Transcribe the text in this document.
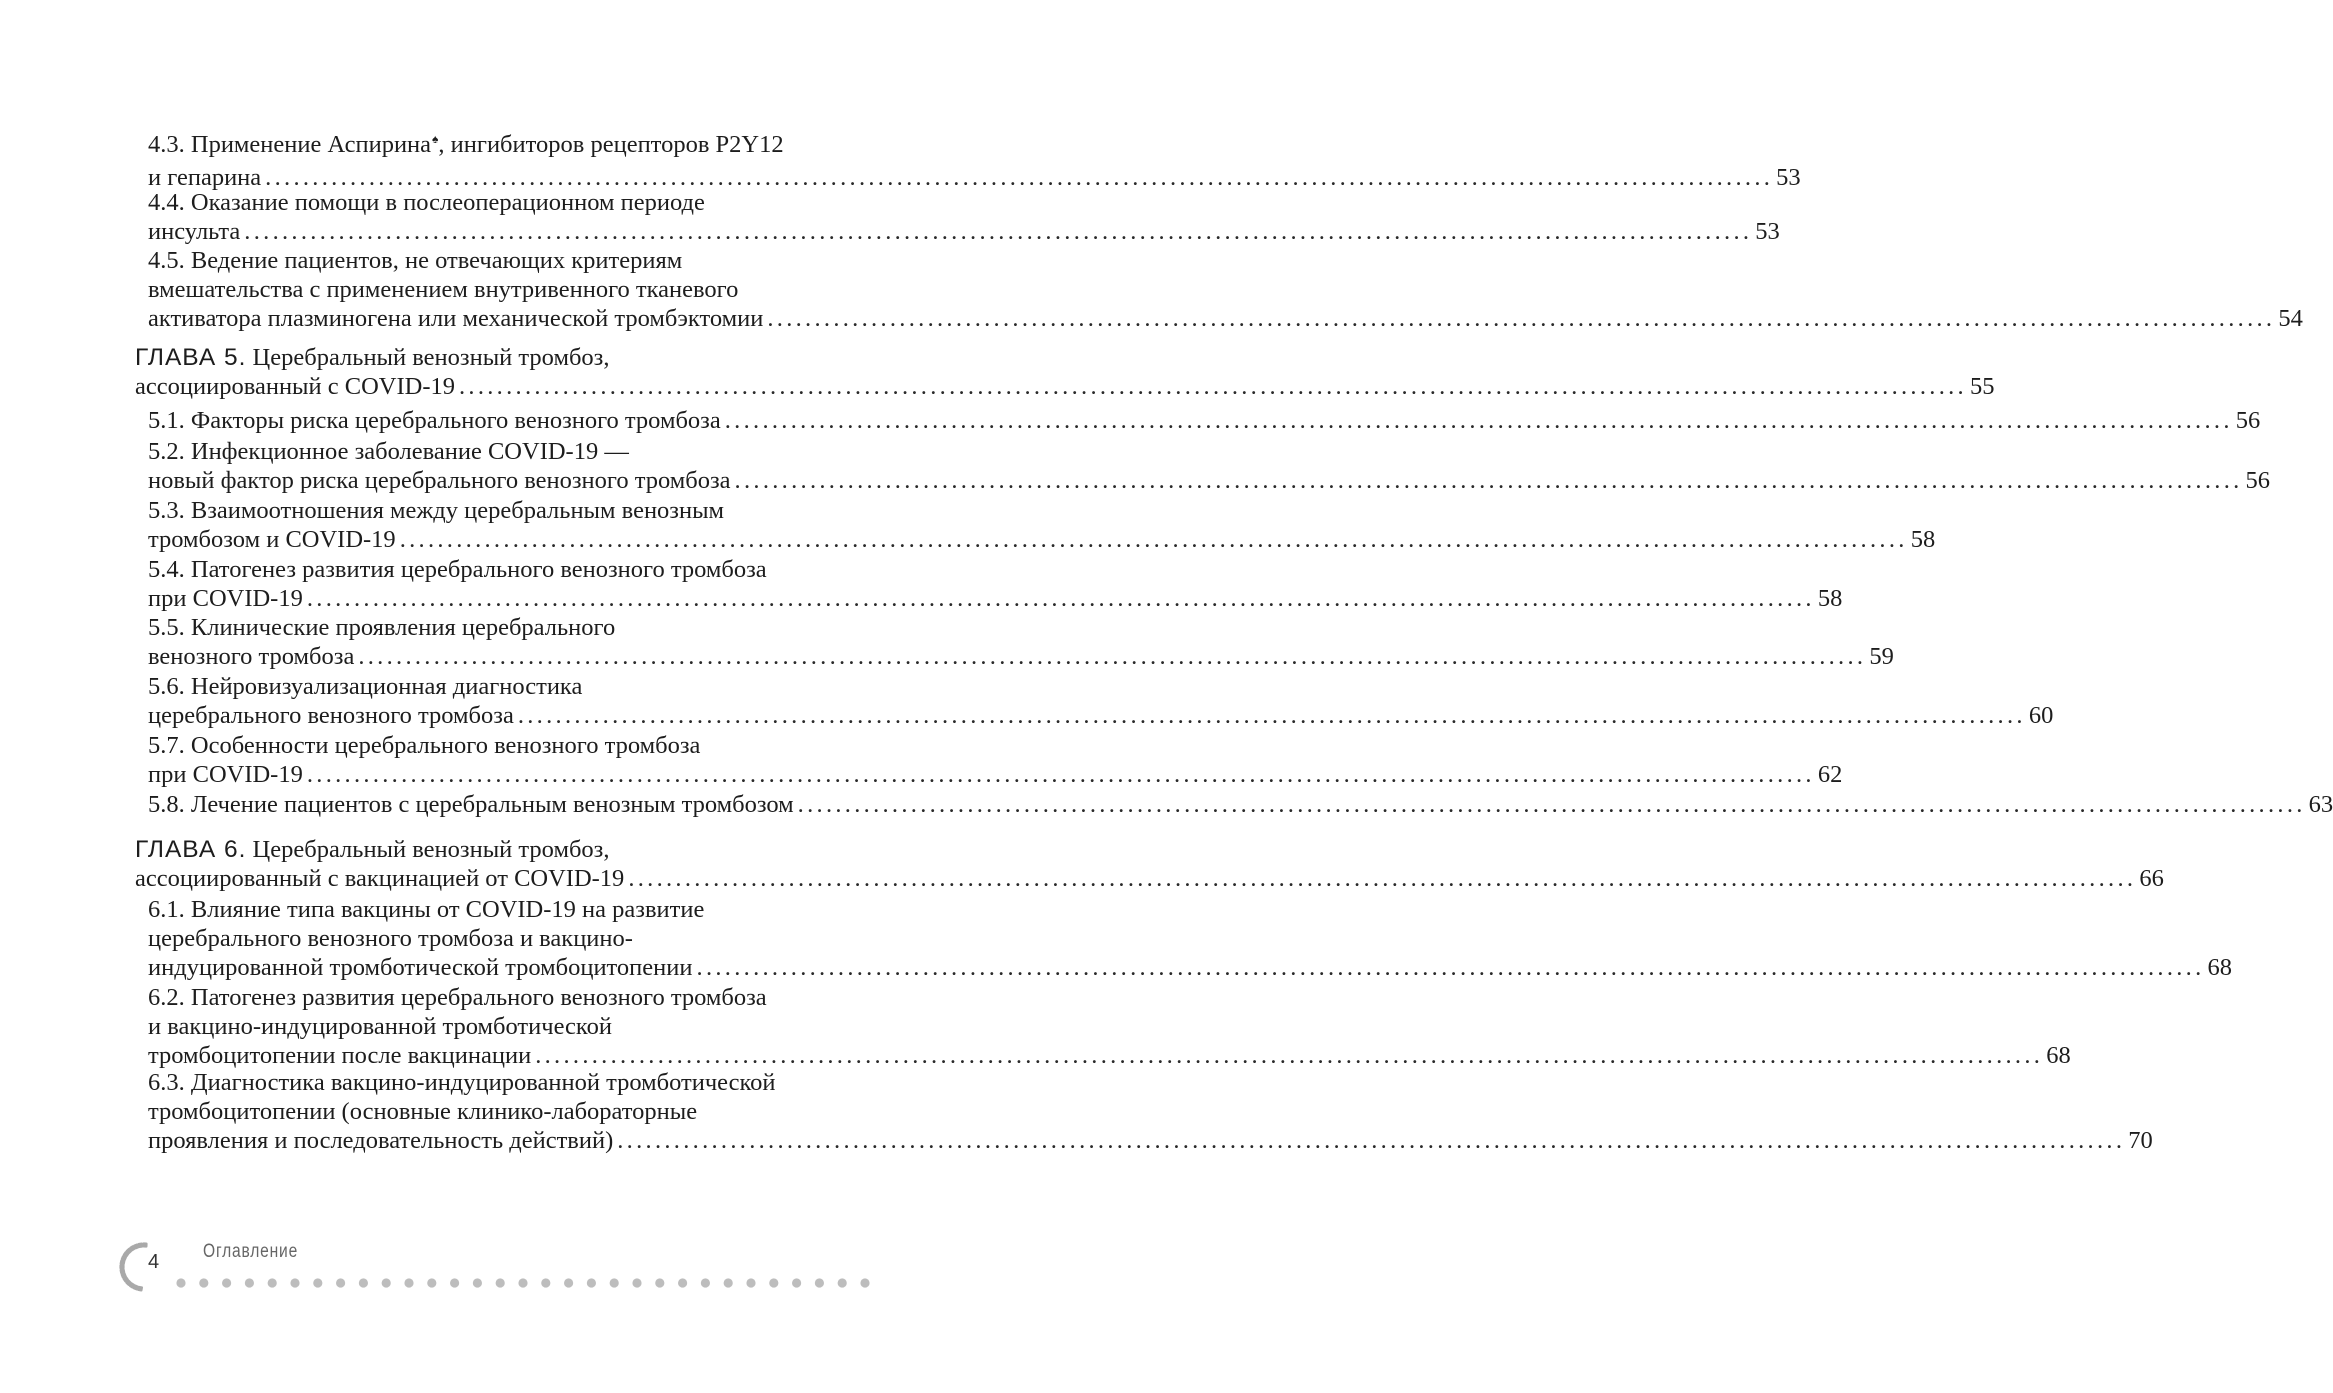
4.3. Применение Аспирина♠, ингибиторов рецепторов P2Y12
и гепарина ................................................................................................................................................................ 53
4.4. Оказание помощи в послеоперационном периоде
инсульта ................................................................................................................................................................ 53
4.5. Ведение пациентов, не отвечающих критериям
вмешательства с применением внутривенного тканевого
активатора плазминогена или механической тромбэктомии ................................................................................................................................................................ 54
ГЛАВА 5. Церебральный венозный тромбоз,
ассоциированный с COVID-19 ................................................................................................................................................................ 55
5.1. Факторы риска церебрального венозного тромбоза ................................................................................................................................................................ 56
5.2. Инфекционное заболевание COVID-19 —
новый фактор риска церебрального венозного тромбоза ................................................................................................................................................................ 56
5.3. Взаимоотношения между церебральным венозным
тромбозом и COVID-19 ................................................................................................................................................................ 58
5.4. Патогенез развития церебрального венозного тромбоза
при COVID-19 ................................................................................................................................................................ 58
5.5. Клинические проявления церебрального
венозного тромбоза ................................................................................................................................................................ 59
5.6. Нейровизуализационная диагностика
церебрального венозного тромбоза ................................................................................................................................................................ 60
5.7. Особенности церебрального венозного тромбоза
при COVID-19 ................................................................................................................................................................ 62
5.8. Лечение пациентов с церебральным венозным тромбозом ................................................................................................................................................................ 63
ГЛАВА 6. Церебральный венозный тромбоз,
ассоциированный с вакцинацией от COVID-19 ................................................................................................................................................................ 66
6.1. Влияние типа вакцины от COVID-19 на развитие
церебрального венозного тромбоза и вакцино-
индуцированной тромботической тромбоцитопении ................................................................................................................................................................ 68
6.2. Патогенез развития церебрального венозного тромбоза
и вакцино-индуцированной тромботической
тромбоцитопении после вакцинации ................................................................................................................................................................ 68
6.3. Диагностика вакцино-индуцированной тромботической
тромбоцитопении (основные клинико-лабораторные
проявления и последовательность действий) ................................................................................................................................................................ 70
4 Оглавление
